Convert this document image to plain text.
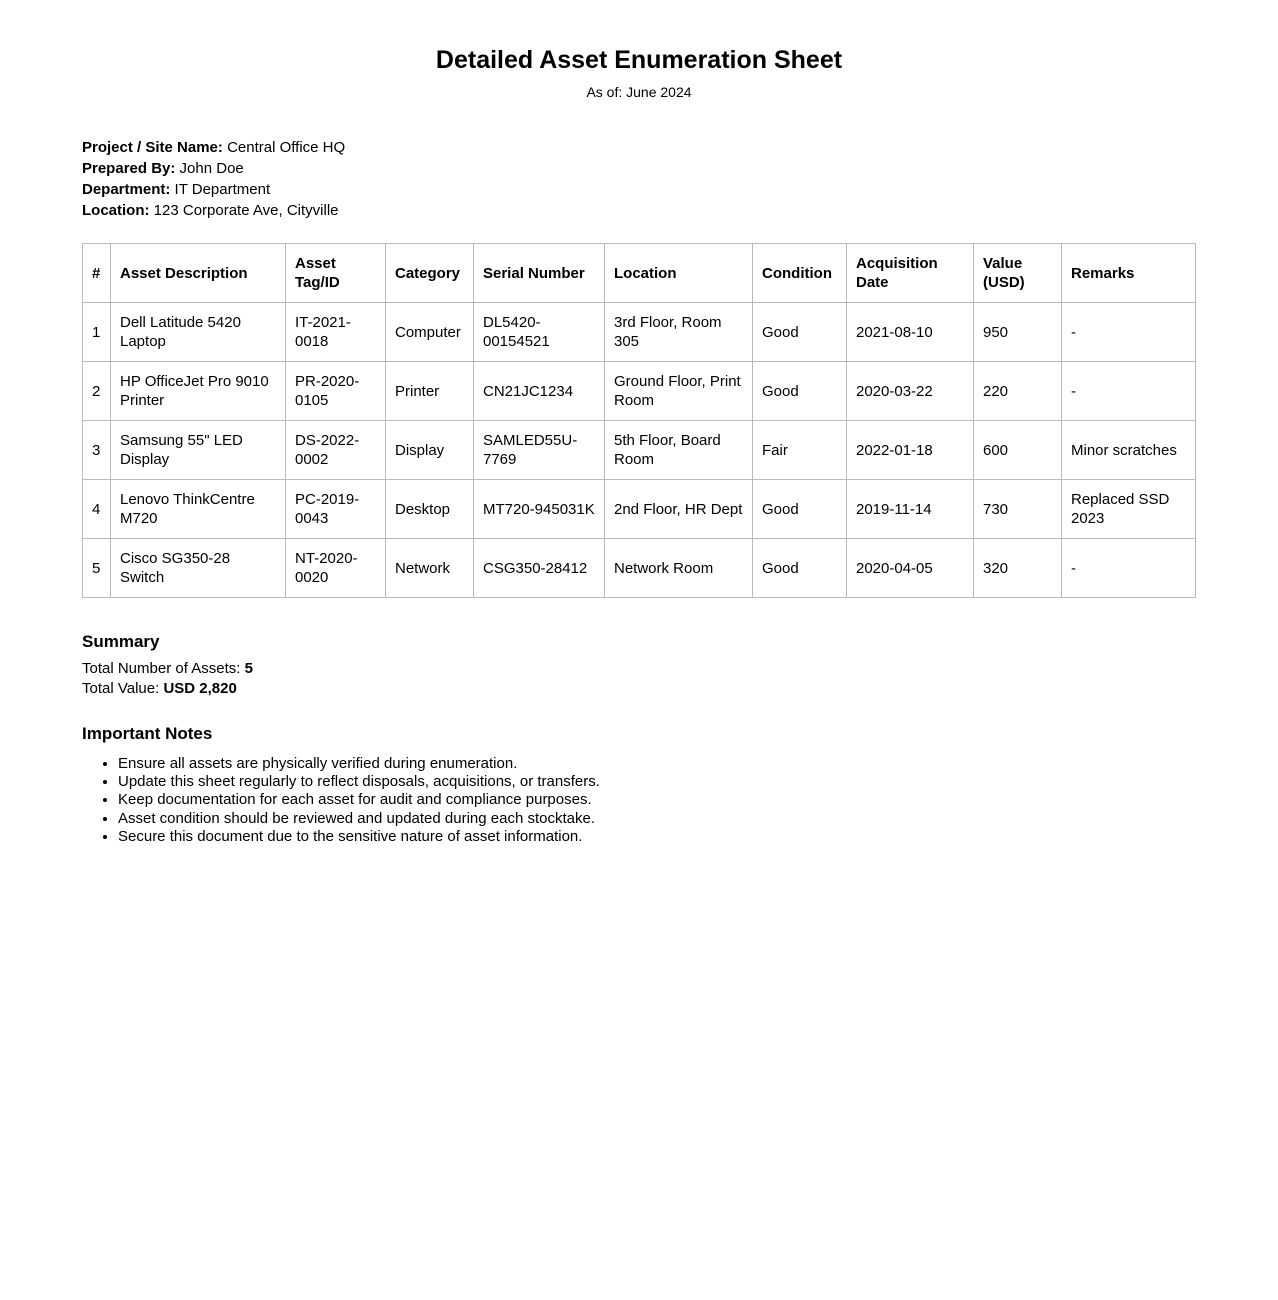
Detailed Asset Enumeration Sheet
As of: June 2024
Project / Site Name: Central Office HQ
Prepared By: John Doe
Department: IT Department
Location: 123 Corporate Ave, Cityville
#	Asset Description	Asset Tag/ID	Category	Serial Number	Location	Condition	Acquisition Date	Value (USD)	Remarks
1	Dell Latitude 5420 Laptop	IT-2021-0018	Computer	DL5420-00154521	3rd Floor, Room 305	Good	2021-08-10	950	-
2	HP OfficeJet Pro 9010 Printer	PR-2020-0105	Printer	CN21JC1234	Ground Floor, Print Room	Good	2020-03-22	220	-
3	Samsung 55" LED Display	DS-2022-0002	Display	SAMLED55U-7769	5th Floor, Board Room	Fair	2022-01-18	600	Minor scratches
4	Lenovo ThinkCentre M720	PC-2019-0043	Desktop	MT720-945031K	2nd Floor, HR Dept	Good	2019-11-14	730	Replaced SSD 2023
5	Cisco SG350-28 Switch	NT-2020-0020	Network	CSG350-28412	Network Room	Good	2020-04-05	320	-
Summary
Total Number of Assets: 5
Total Value: USD 2,820
Important Notes
• Ensure all assets are physically verified during enumeration.
• Update this sheet regularly to reflect disposals, acquisitions, or transfers.
• Keep documentation for each asset for audit and compliance purposes.
• Asset condition should be reviewed and updated during each stocktake.
• Secure this document due to the sensitive nature of asset information.
